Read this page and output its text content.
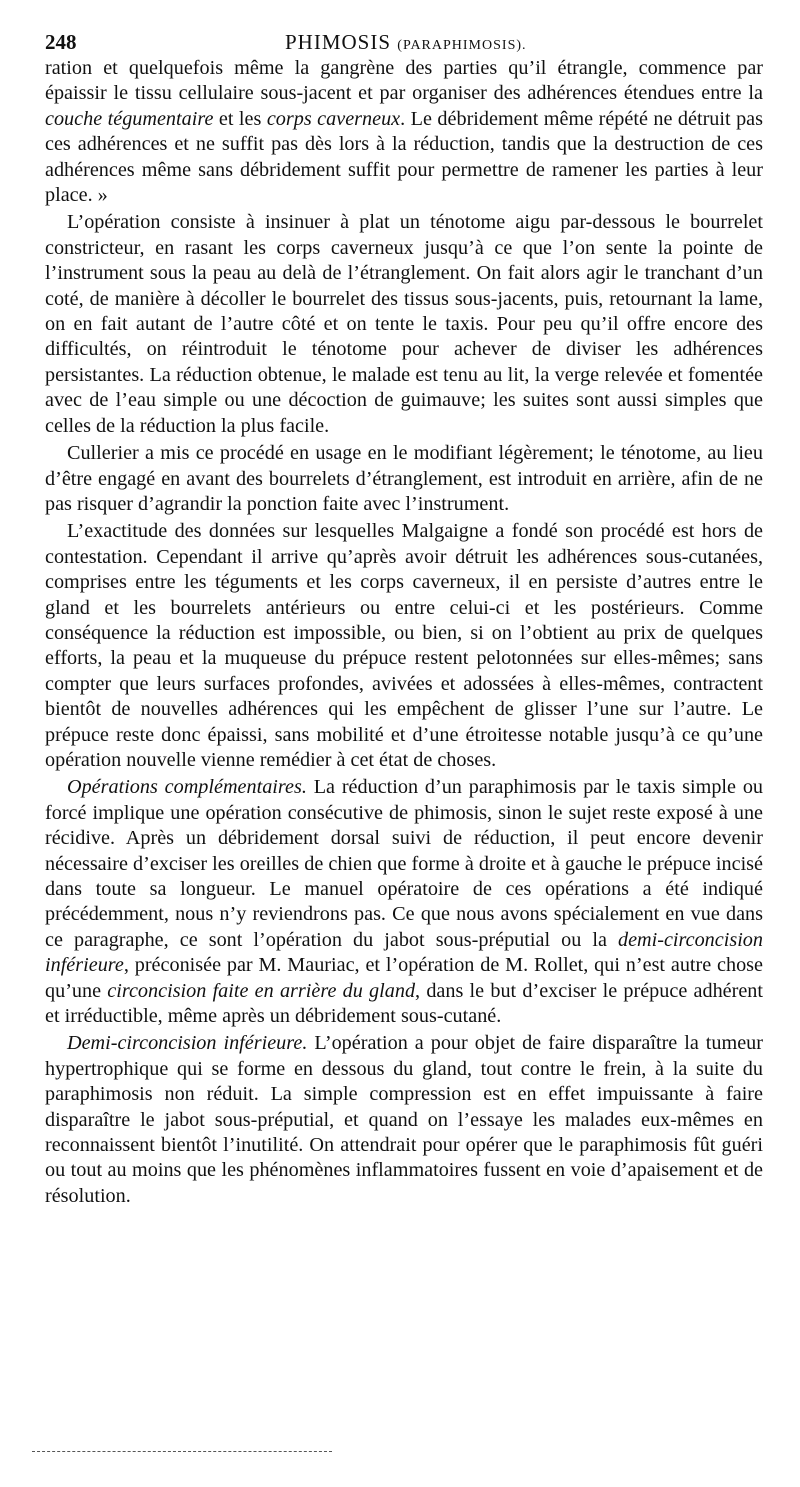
248	PHIMOSIS (PARAPHIMOSIS).

ration et quelquefois même la gangrène des parties qu’il étrangle, commence par épaissir le tissu cellulaire sous-jacent et par organiser des adhérences étendues entre la couche tégumentaire et les corps caverneux. Le débridement même répété ne détruit pas ces adhérences et ne suffit pas dès lors à la réduction, tandis que la destruction de ces adhérences même sans débridement suffit pour permettre de ramener les parties à leur place. »

L’opération consiste à insinuer à plat un ténotome aigu par-dessous le bourrelet constricteur, en rasant les corps caverneux jusqu’à ce que l’on sente la pointe de l’instrument sous la peau au delà de l’étranglement. On fait alors agir le tranchant d’un coté, de manière à décoller le bourrelet des tissus sous-jacents, puis, retournant la lame, on en fait autant de l’autre côté et on tente le taxis. Pour peu qu’il offre encore des difficultés, on réintroduit le ténotome pour achever de diviser les adhérences persistantes. La réduction obtenue, le malade est tenu au lit, la verge relevée et fomentée avec de l’eau simple ou une décoction de guimauve; les suites sont aussi simples que celles de la réduction la plus facile.

Cullerier a mis ce procédé en usage en le modifiant légèrement; le ténotome, au lieu d’être engagé en avant des bourrelets d’étranglement, est introduit en arrière, afin de ne pas risquer d’agrandir la ponction faite avec l’instrument.

L’exactitude des données sur lesquelles Malgaigne a fondé son procédé est hors de contestation. Cependant il arrive qu’après avoir détruit les adhérences sous-cutanées, comprises entre les téguments et les corps caverneux, il en persiste d’autres entre le gland et les bourrelets antérieurs ou entre celui-ci et les postérieurs. Comme conséquence la réduction est impossible, ou bien, si on l’obtient au prix de quelques efforts, la peau et la muqueuse du prépuce restent pelotonnées sur elles-mêmes; sans compter que leurs surfaces profondes, avivées et adossées à elles-mêmes, contractent bientôt de nouvelles adhérences qui les empêchent de glisser l’une sur l’autre. Le prépuce reste donc épaissi, sans mobilité et d’une étroitesse notable jusqu’à ce qu’une opération nouvelle vienne remédier à cet état de choses.

Opérations complémentaires. La réduction d’un paraphimosis par le taxis simple ou forcé implique une opération consécutive de phimosis, sinon le sujet reste exposé à une récidive. Après un débridement dorsal suivi de réduction, il peut encore devenir nécessaire d’exciser les oreilles de chien que forme à droite et à gauche le prépuce incisé dans toute sa longueur. Le manuel opératoire de ces opérations a été indiqué précédemment, nous n’y reviendrons pas. Ce que nous avons spécialement en vue dans ce paragraphe, ce sont l’opération du jabot sous-préputial ou la demi-circoncision inférieure, préconisée par M. Mauriac, et l’opération de M. Rollet, qui n’est autre chose qu’une circoncision faite en arrière du gland, dans le but d’exciser le prépuce adhérent et irréductible, même après un débridement sous-cutané.

Demi-circoncision inférieure. L’opération a pour objet de faire disparaître la tumeur hypertrophique qui se forme en dessous du gland, tout contre le frein, à la suite du paraphimosis non réduit. La simple compression est en effet impuissante à faire disparaître le jabot sous-préputial, et quand on l’essaye les malades eux-mêmes en reconnaissent bientôt l’inutilité. On attendrait pour opérer que le paraphimosis fût guéri ou tout au moins que les phénomènes inflammatoires fussent en voie d’apaisement et de résolution.
